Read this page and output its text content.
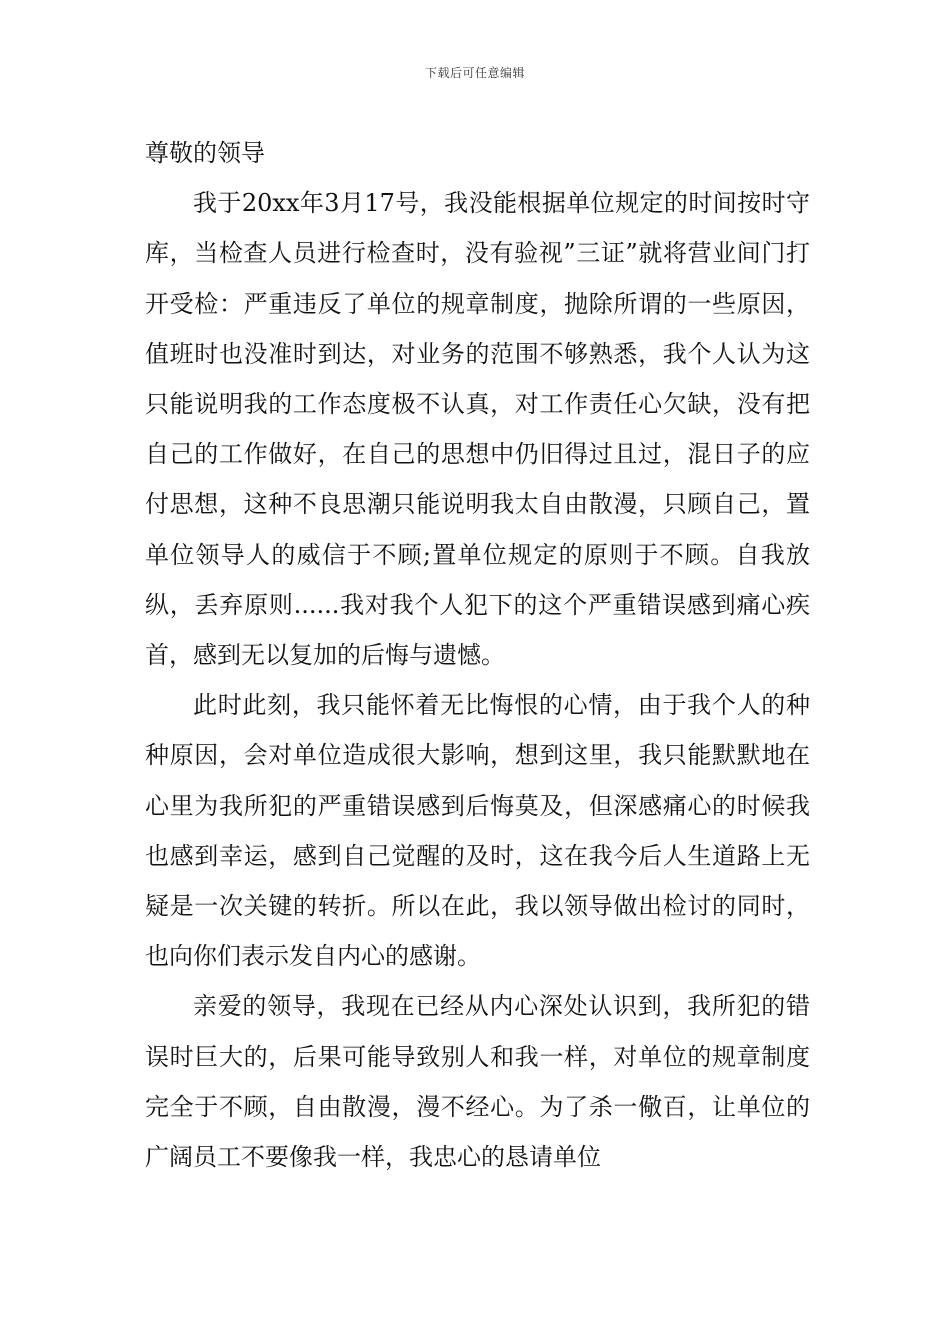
下载后可任意编辑

尊敬的领导

我于20xx年3月17号，我没能根据单位规定的时间按时守库，当检查人员进行检查时，没有验视”三证”就将营业间门打开受检：严重违反了单位的规章制度，抛除所谓的一些原因，值班时也没准时到达，对业务的范围不够熟悉，我个人认为这只能说明我的工作态度极不认真，对工作责任心欠缺，没有把自己的工作做好，在自己的思想中仍旧得过且过，混日子的应付思想，这种不良思潮只能说明我太自由散漫，只顾自己，置单位领导人的威信于不顾;置单位规定的原则于不顾。自我放纵，丢弃原则......我对我个人犯下的这个严重错误感到痛心疾首，感到无以复加的后悔与遗憾。

此时此刻，我只能怀着无比悔恨的心情，由于我个人的种种原因，会对单位造成很大影响，想到这里，我只能默默地在心里为我所犯的严重错误感到后悔莫及，但深感痛心的时候我也感到幸运，感到自己觉醒的及时，这在我今后人生道路上无疑是一次关键的转折。所以在此，我以领导做出检讨的同时，也向你们表示发自内心的感谢。

亲爱的领导，我现在已经从内心深处认识到，我所犯的错误时巨大的，后果可能导致别人和我一样，对单位的规章制度完全于不顾，自由散漫，漫不经心。为了杀一儆百，让单位的广阔员工不要像我一样，我忠心的恳请单位
